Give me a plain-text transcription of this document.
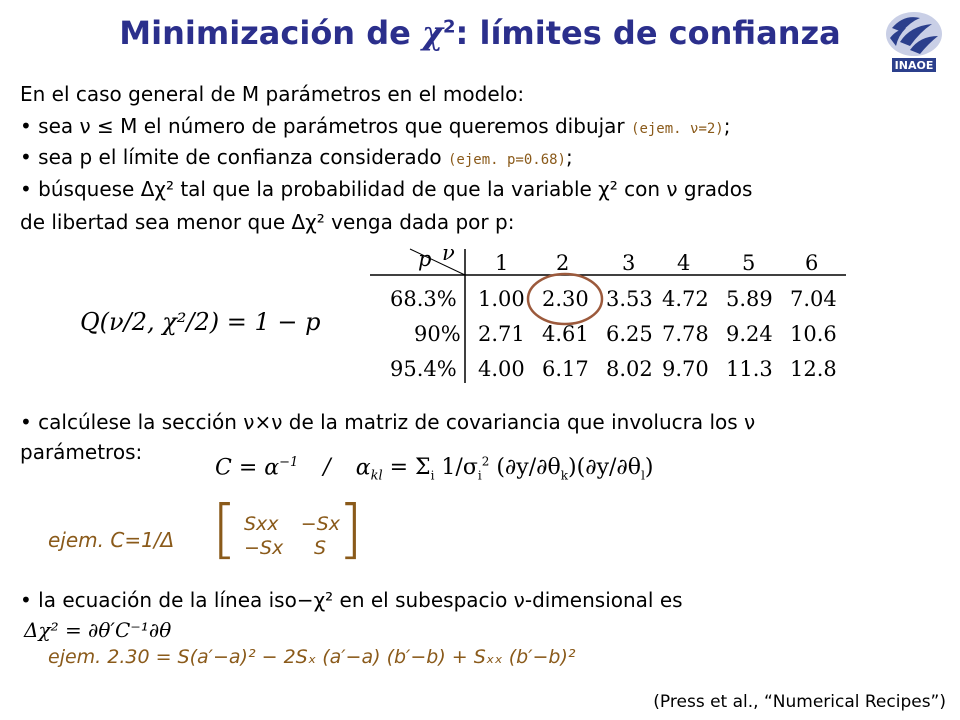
Minimización de $\chi^2$: límites de confianza
INAOE
En el caso general de M parámetros en el modelo:
• sea ν ≤ M el número de parámetros que queremos dibujar (ejem. ν=2);
• sea p el límite de confianza considerado (ejem. p=0.68);
• búsquese Δχ² tal que la probabilidad de que la variable χ² con ν grados
de libertad sea menor que Δχ² venga dada por p:
Q(ν/2, χ²/2) = 1 − p
p ν 1 2	3 4 5 6
68.3% 1.00 2.30 3.53 4.72 5.89 7.04
90% 2.71 4.61 6.25 7.78 9.24 10.6
95.4% 4.00 6.17 8.02 9.70 11.3 12.8
• calcúlese la sección ν×ν de la matriz de covariancia que involucra los ν
parámetros:
$C = \alpha^{-1} / \alpha_{kl} = \Sigma_i$ $1/\sigma_i^2$ $(\partial y/\partial\theta_k)(\partial y/\partial\theta_l)$
ejem. C=1/Δ [ ]
Sxx −Sx
−Sx S
• la ecuación de la línea iso−χ² en el subespacio ν-dimensional es
Δχ² = ∂θ′C⁻¹∂θ
ejem. 2.30 = S(a′−a)² − 2Sₓ (a′−a) (b′−b) + Sₓₓ (b′−b)²
(Press et al., “Numerical Recipes”)
